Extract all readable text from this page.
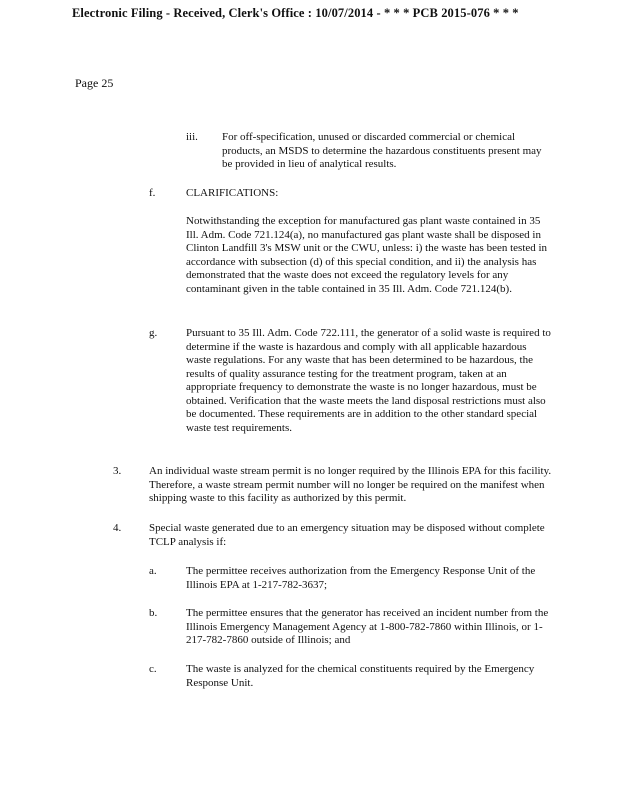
Electronic Filing - Received, Clerk's Office : 10/07/2014 - * * * PCB 2015-076 * * *
Page 25
iii. For off-specification, unused or discarded commercial or chemical products, an MSDS to determine the hazardous constituents present may be provided in lieu of analytical results.
f.	CLARIFICATIONS:
Notwithstanding the exception for manufactured gas plant waste contained in 35 Ill. Adm. Code 721.124(a), no manufactured gas plant waste shall be disposed in Clinton Landfill 3's MSW unit or the CWU, unless: i) the waste has been tested in accordance with subsection (d) of this special condition, and ii) the analysis has demonstrated that the waste does not exceed the regulatory levels for any contaminant given in the table contained in 35 Ill. Adm. Code 721.124(b).
g.	Pursuant to 35 Ill. Adm. Code 722.111, the generator of a solid waste is required to determine if the waste is hazardous and comply with all applicable hazardous waste regulations. For any waste that has been determined to be hazardous, the results of quality assurance testing for the treatment program, taken at an appropriate frequency to demonstrate the waste is no longer hazardous, must be obtained. Verification that the waste meets the land disposal restrictions must also be documented. These requirements are in addition to the other standard special waste test requirements.
3.	An individual waste stream permit is no longer required by the Illinois EPA for this facility. Therefore, a waste stream permit number will no longer be required on the manifest when shipping waste to this facility as authorized by this permit.
4.	Special waste generated due to an emergency situation may be disposed without complete TCLP analysis if:
a.	The permittee receives authorization from the Emergency Response Unit of the Illinois EPA at 1-217-782-3637;
b.	The permittee ensures that the generator has received an incident number from the Illinois Emergency Management Agency at 1-800-782-7860 within Illinois, or 1-217-782-7860 outside of Illinois; and
c.	The waste is analyzed for the chemical constituents required by the Emergency Response Unit.
